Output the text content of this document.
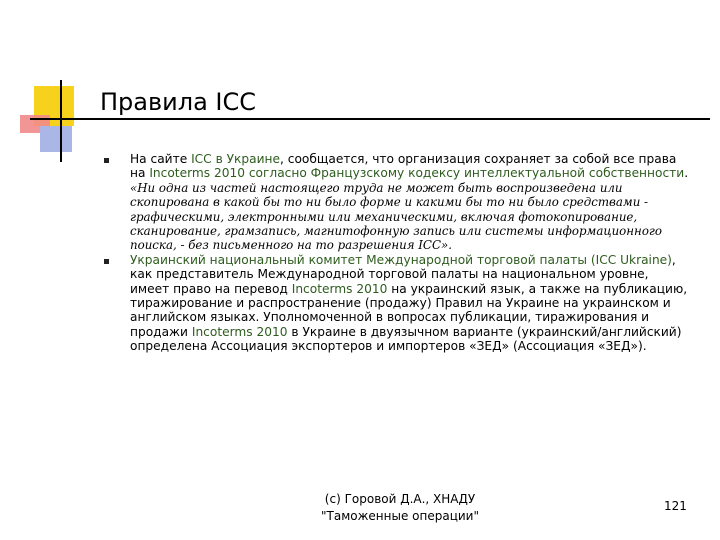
Правила ICC
На сайте ICC в Украине, сообщается, что организация сохраняет за собой все права на Incoterms 2010 согласно Французскому кодексу интеллектуальной собственности. «Ни одна из частей настоящего труда не может быть воспроизведена или скопирована в какой бы то ни было форме и какими бы то ни было средствами - графическими, электронными или механическими, включая фотокопирование, сканирование, грамзапись, магнитофонную запись или системы информационного поиска, - без письменного на то разрешения ICC».
Украинский национальный комитет Международной торговой палаты (ICC Ukraine), как представитель Международной торговой палаты на национальном уровне, имеет право на перевод Incoterms 2010 на украинский язык, а также на публикацию, тиражирование и распространение (продажу) Правил на Украине на украинском и английском языках. Уполномоченной в вопросах публикации, тиражирования и продажи Incoterms 2010 в Украине в двуязычном варианте (украинский/английский) определена Ассоциация экспортеров и импортеров «ЗЕД» (Ассоциация «ЗЕД»).
(с) Горовой Д.А., ХНАДУ
"Таможенные операции"
121
